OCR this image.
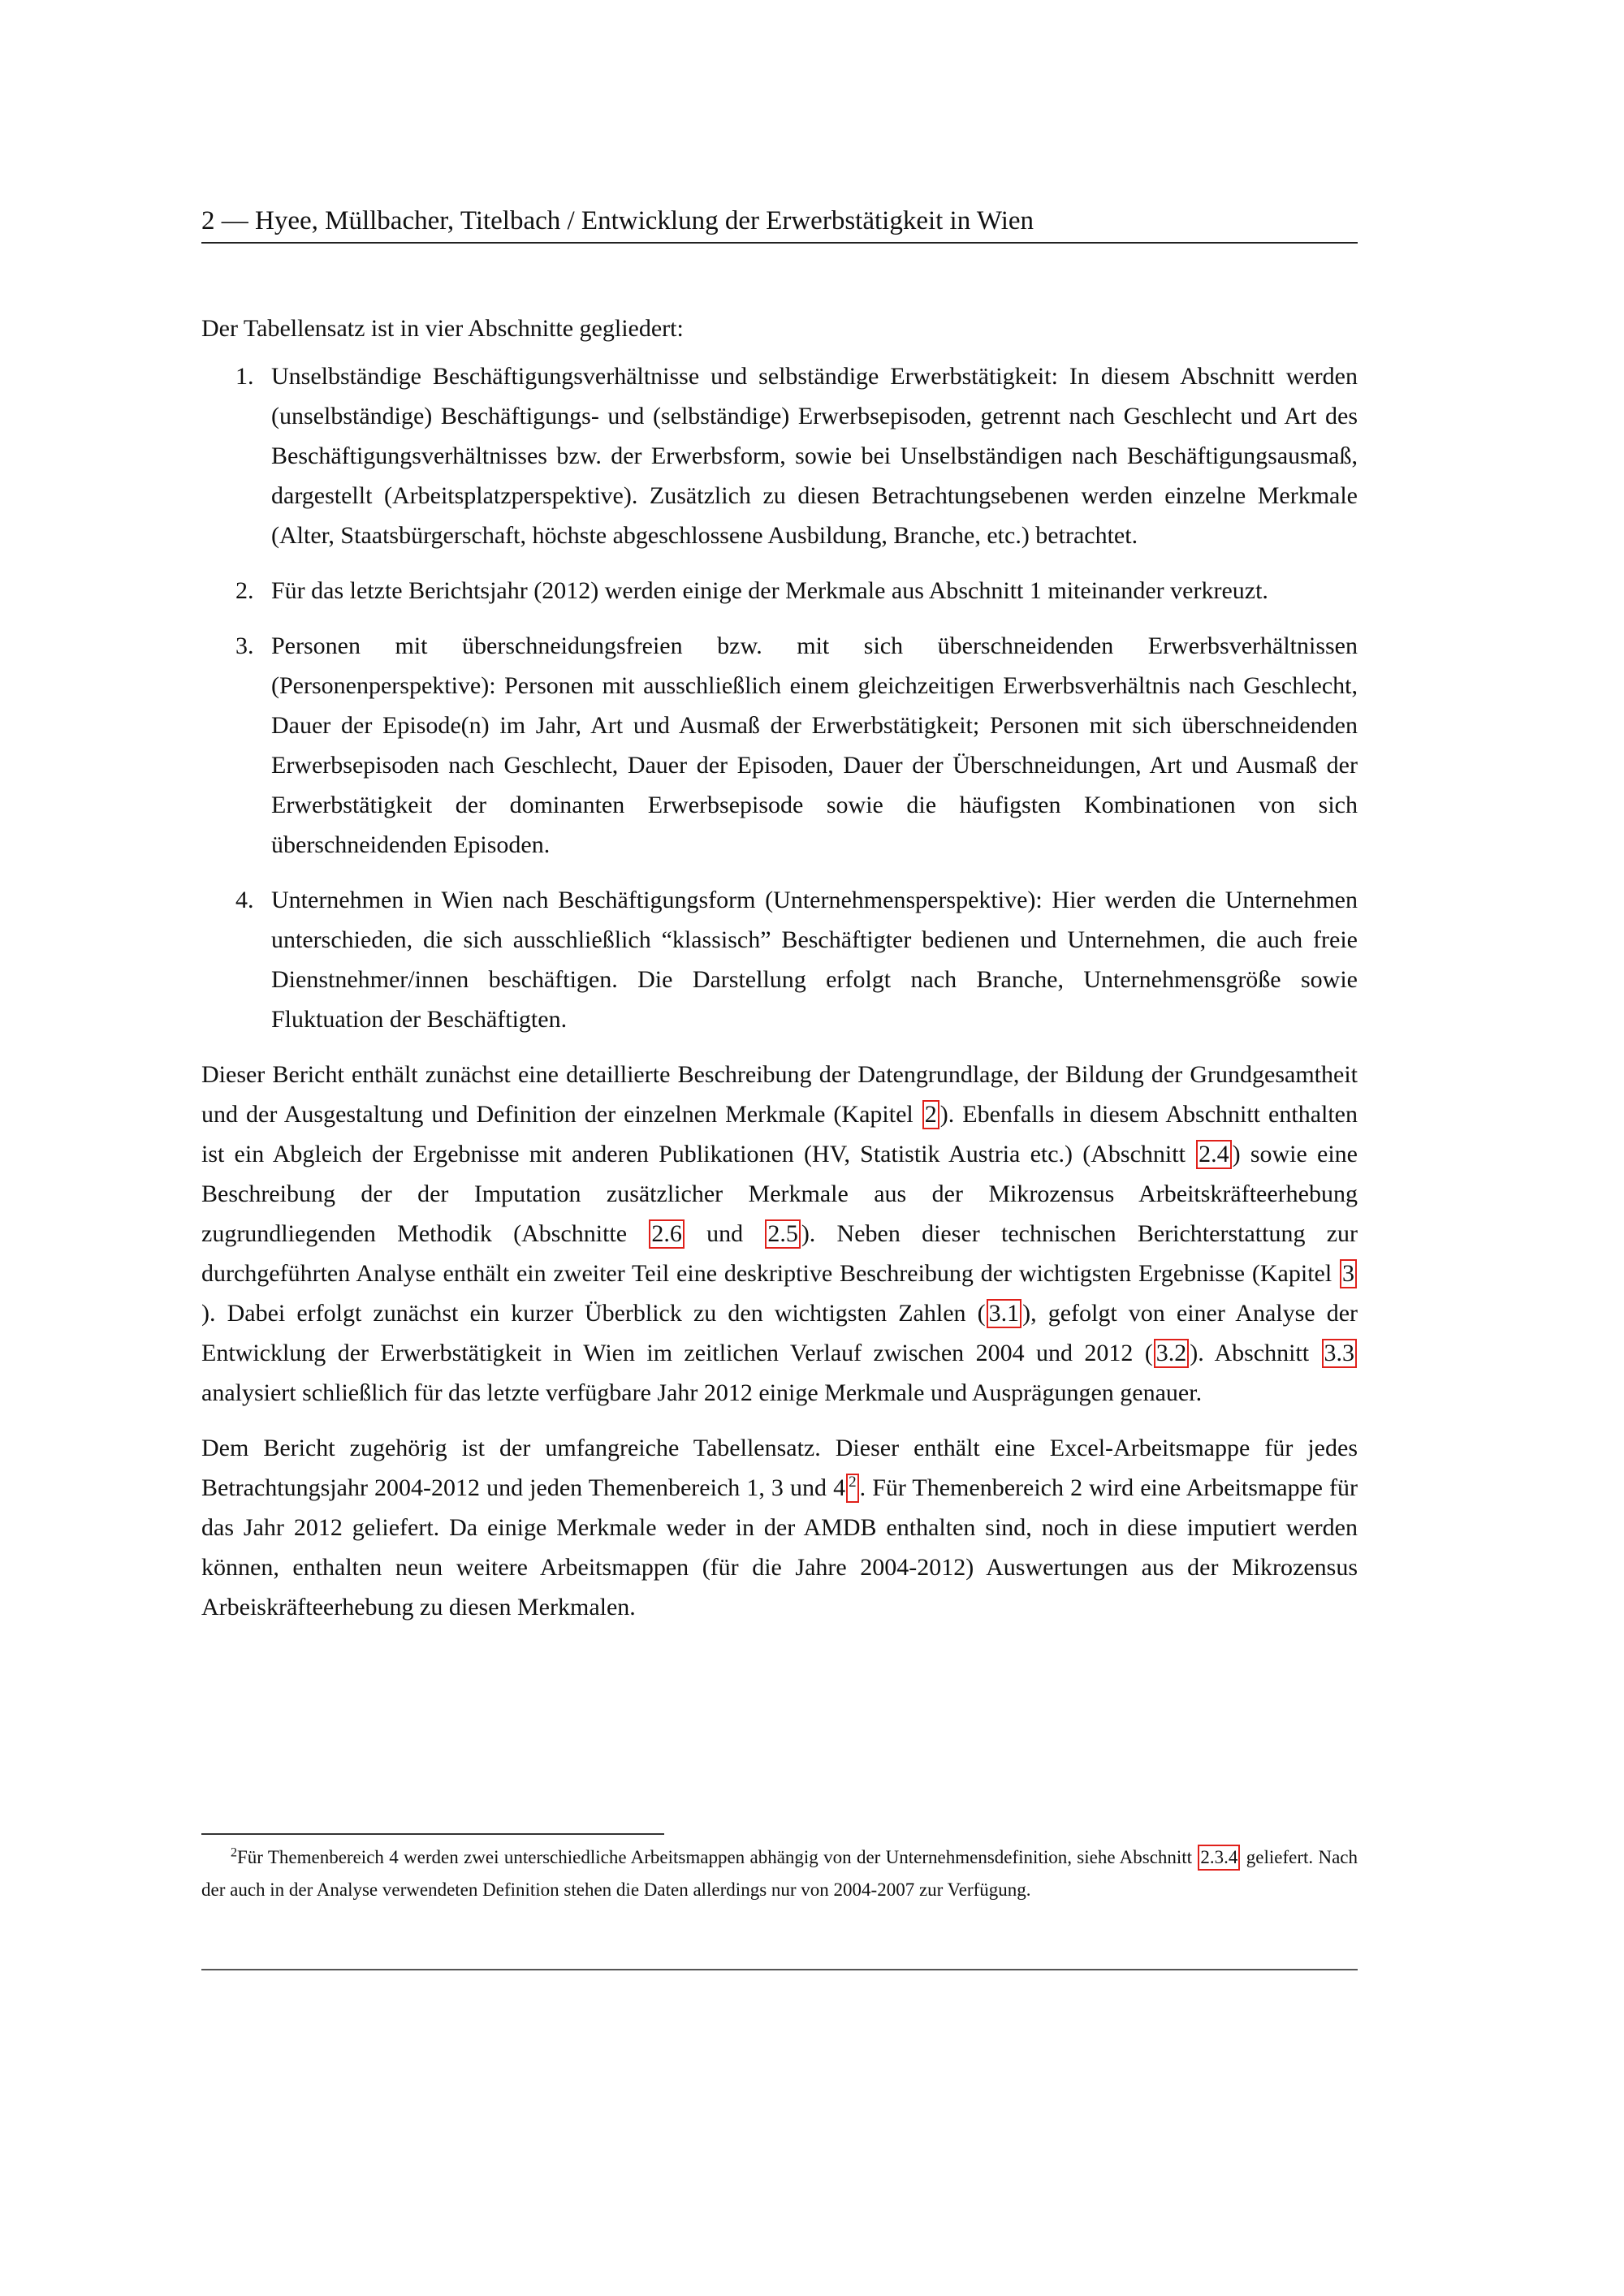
2 — Hyee, Müllbacher, Titelbach / Entwicklung der Erwerbstätigkeit in Wien

Der Tabellensatz ist in vier Abschnitte gegliedert:

1. Unselbständige Beschäftigungsverhältnisse und selbständige Erwerbstätigkeit: In diesem Abschnitt werden (unselbständige) Beschäftigungs- und (selbständige) Erwerbsepisoden, getrennt nach Geschlecht und Art des Beschäftigungsverhältnisses bzw. der Erwerbsform, sowie bei Unselbständigen nach Beschäftigungsausmaß, dargestellt (Arbeitsplatzperspektive). Zusätzlich zu diesen Betrachtungsebenen werden einzelne Merkmale (Alter, Staatsbürgerschaft, höchste abgeschlossene Ausbildung, Branche, etc.) betrachtet.
2. Für das letzte Berichtsjahr (2012) werden einige der Merkmale aus Abschnitt 1 miteinander verkreuzt.
3. Personen mit überschneidungsfreien bzw. mit sich überschneidenden Erwerbsverhältnissen (Personenperspektive): Personen mit ausschließlich einem gleichzeitigen Erwerbsverhältnis nach Geschlecht, Dauer der Episode(n) im Jahr, Art und Ausmaß der Erwerbstätigkeit; Personen mit sich überschneidenden Erwerbsepisoden nach Geschlecht, Dauer der Episoden, Dauer der Überschneidungen, Art und Ausmaß der Erwerbstätigkeit der dominanten Erwerbsepisode sowie die häufigsten Kombinationen von sich überschneidenden Episoden.
4. Unternehmen in Wien nach Beschäftigungsform (Unternehmensperspektive): Hier werden die Unternehmen unterschieden, die sich ausschließlich “klassisch” Beschäftigter bedienen und Unternehmen, die auch freie Dienstnehmer/innen beschäftigen. Die Darstellung erfolgt nach Branche, Unternehmensgröße sowie Fluktuation der Beschäftigten.

Dieser Bericht enthält zunächst eine detaillierte Beschreibung der Datengrundlage, der Bildung der Grundgesamtheit und der Ausgestaltung und Definition der einzelnen Merkmale (Kapitel 2 ). Ebenfalls in diesem Abschnitt enthalten ist ein Abgleich der Ergebnisse mit anderen Publikationen (HV, Statistik Austria etc.) (Abschnitt 2.4 ) sowie eine Beschreibung der der Imputation zusätzlicher Merkmale aus der Mikrozensus Arbeitskräfteerhebung zugrundliegenden Methodik (Abschnitte 2.6 und 2.5 ). Neben dieser technischen Berichterstattung zur durchgeführten Analyse enthält ein zweiter Teil eine deskriptive Beschreibung der wichtigsten Ergebnisse (Kapitel 3). Dabei erfolgt zunächst ein kurzer Überblick zu den wichtigsten Zahlen ( 3.1 ), gefolgt von einer Analyse der Entwicklung der Erwerbstätigkeit in Wien im zeitlichen Verlauf zwischen 2004 und 2012 ( 3.2 ). Abschnitt 3.3 analysiert schließlich für das letzte verfügbare Jahr 2012 einige Merkmale und Ausprägungen genauer.

Dem Bericht zugehörig ist der umfangreiche Tabellensatz. Dieser enthält eine Excel-Arbeitsmappe für jedes Betrachtungsjahr 2004-2012 und jeden Themenbereich 1, 3 und 4 $^2$ . Für Themenbereich 2 wird eine Arbeitsmappe für das Jahr 2012 geliefert. Da einige Merkmale weder in der AMDB enthalten sind, noch in diese imputiert werden können, enthalten neun weitere Arbeitsmappen (für die Jahre 2004-2012) Auswertungen aus der Mikrozensus Arbeiskräfteerhebung zu diesen Merkmalen.

$^2$Für Themenbereich 4 werden zwei unterschiedliche Arbeitsmappen abhängig von der Unternehmensdefinition, siehe Abschnitt 2.3.4 geliefert. Nach der auch in der Analyse verwendeten Definition stehen die Daten allerdings nur von 2004-2007 zur Verfügung.
